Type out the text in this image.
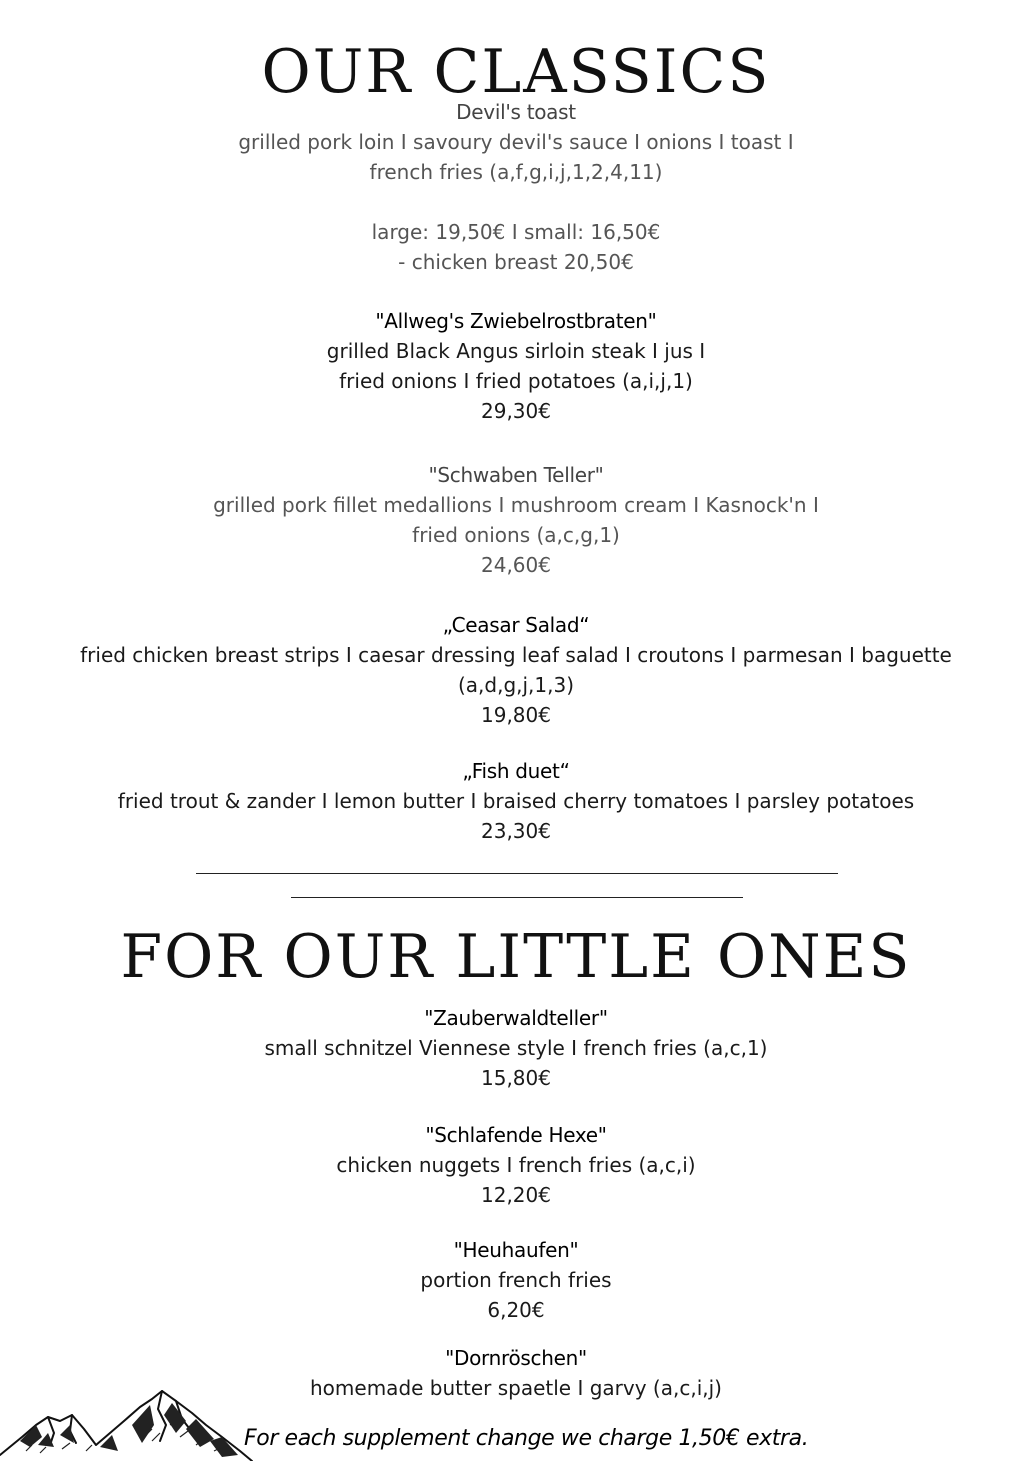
OUR CLASSICS
Devil's toast
grilled pork loin I savoury devil's sauce I onions I toast I
french fries (a,f,g,i,j,1,2,4,11)
large: 19,50€ I small: 16,50€
- chicken breast 20,50€
"Allweg's Zwiebelrostbraten"
grilled Black Angus sirloin steak I jus I
fried onions I fried potatoes (a,i,j,1)
29,30€
"Schwaben Teller"
grilled pork fillet medallions I mushroom cream I Kasnock'n I
fried onions (a,c,g,1)
24,60€
„Ceasar Salad“
fried chicken breast strips I caesar dressing leaf salad I croutons I parmesan I baguette
(a,d,g,j,1,3)
19,80€
„Fish duet“
fried trout & zander I lemon butter I braised cherry tomatoes I parsley potatoes
23,30€
FOR OUR LITTLE ONES
"Zauberwaldteller"
small schnitzel Viennese style I french fries (a,c,1)
15,80€
"Schlafende Hexe"
chicken nuggets I french fries (a,c,i)
12,20€
"Heuhaufen"
portion french fries
6,20€
"Dornröschen"
homemade butter spaetle I garvy (a,c,i,j)
For each supplement change we charge 1,50€ extra.
